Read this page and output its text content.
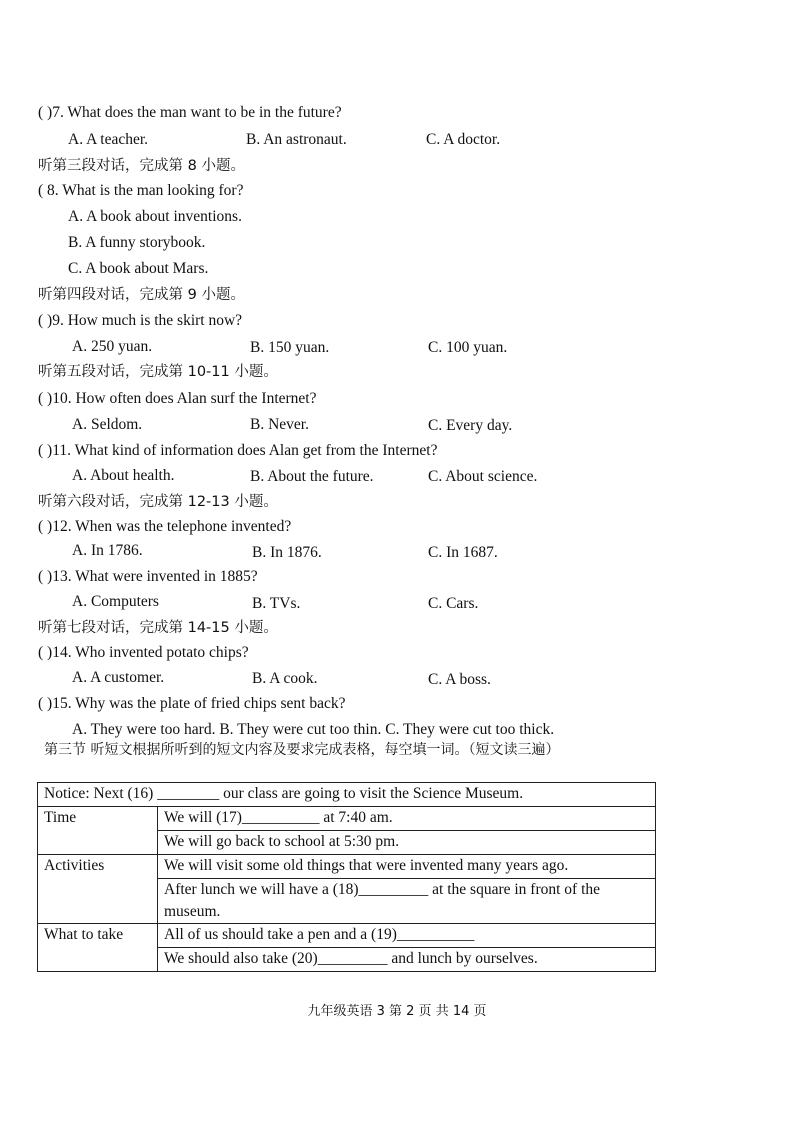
( )7. What does the man want to be in the future?
A. A teacher.	B. An astronaut.	C. A doctor.
听第三段对话，完成第 8 小题。
( 8. What is the man looking for?
A. A book about inventions.
B. A funny storybook.
C. A book about Mars.
听第四段对话，完成第 9 小题。
( )9. How much is the skirt now?
A. 250 yuan.	B. 150 yuan.	C. 100 yuan.
听第五段对话，完成第 10-11 小题。
( )10. How often does Alan surf the Internet?
A. Seldom.	B. Never.	C. Every day.
( )11. What kind of information does Alan get from the Internet?
A. About health.	B. About the future.	C. About science.
听第六段对话，完成第 12-13 小题。
( )12. When was the telephone invented?
A. In 1786.	B. In 1876.	C. In 1687.
( )13. What were invented in 1885?
A. Computers	B. TVs.	C. Cars.
听第七段对话，完成第 14-15 小题。
( )14. Who invented potato chips?
A. A customer.	B. A cook.	C. A boss.
( )15. Why was the plate of fried chips sent back?
A. They were too hard. B. They were cut too thin. C. They were cut too thick.
第三节 听短文根据所听到的短文内容及要求完成表格，每空填一词。（短文读三遍）
Notice: Next (16) ________ our class are going to visit the Science Museum.	
Time	We will (17)__________ at 7:40 am.
	We will go back to school at 5:30 pm.
Activities	We will visit some old things that were invented many years ago.
	After lunch we will have a (18)_________ at the square in front of the museum.
What to take	All of us should take a pen and a (19)__________
	We should also take (20)_________ and lunch by ourselves.
九年级英语 3 第 2 页 共 14 页
